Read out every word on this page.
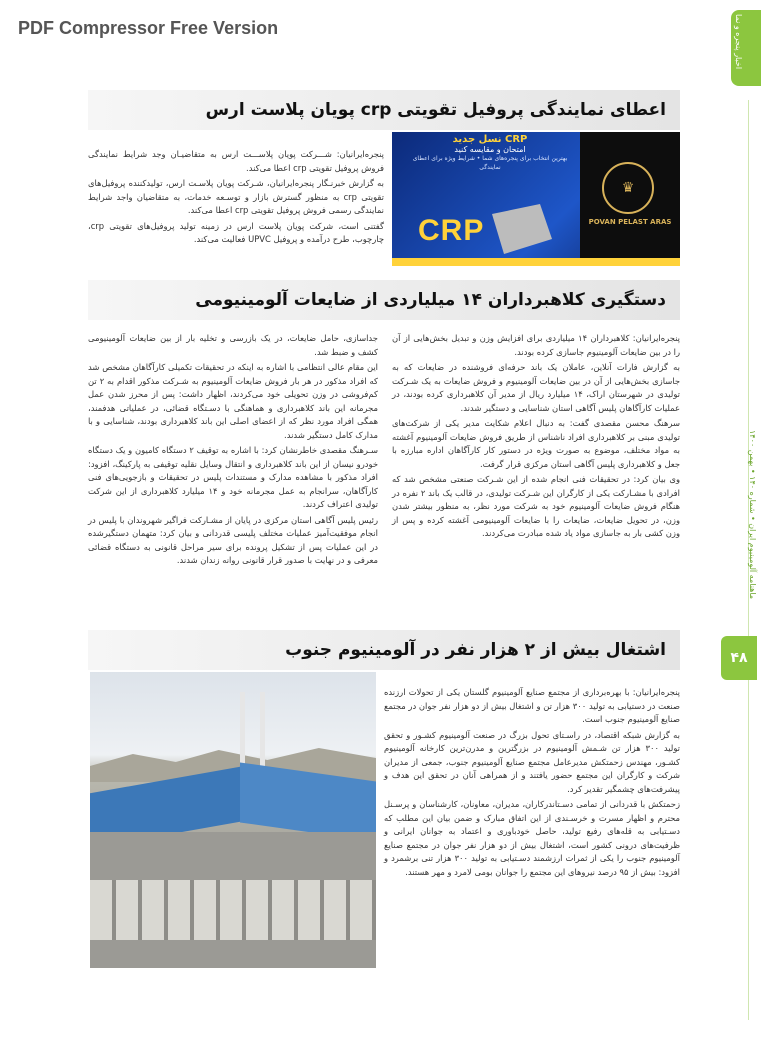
PDF Compressor Free Version	اخبار پنجره و نما
ماهنامه آلومینیوم ایران • شماره ۱۴۰ • بهمن ۱۴۰۰
۴۸
اعطای نمایندگی پروفیل تقویتی crp پویان پلاست ارس
♛
POVAN PELAST ARAS
نسل جدید CRP
امتحان و مقایسه کنید
بهترین انتخاب برای پنجره‌های شما • شرایط ویژه برای اعطای نمایندگی
CRP

پنجره‌ایرانیان: شـــرکت پویان پلاســـت ارس به متقاضیـان وجد شرایط نمایندگی فروش پروفیل تقویتی crp اعطا می‌کند.

به گزارش خبرنـگار پنجره‌ایرانیان، شـرکت پویان پلاسـت ارس، تولیدکننده پروفیل‌های تقویتی crp به منظور گسترش بازار و توسـعه خدمات، به متقاضیان واجد شرایط نمایندگی رسمی فروش پروفیل تقویتی crp اعطا می‌کند.

گفتنی است، شرکت پویان پلاست ارس در زمینه تولید پروفیل‌های تقویتی crp، چارچوب، طرح درآمده و پروفیل UPVC فعالیت می‌کند.

دستگیری کلاهبرداران ۱۴ میلیاردی از ضایعات آلومینیومی

پنجره‌ایرانیان: کلاهبرداران ۱۴ میلیاردی برای افزایش وزن و تبدیل بخش‌هایی از آن را در بین ضایعات آلومینیوم جاسازی کرده بودند.

به گزارش فارات آنلاین، عاملان یک باند حرفه‌ای فروشنده در ضایعات که به جاسازی بخش‌هایی از آن در بین ضایعات آلومینیوم و فروش ضایعات به یک شـرکت تولیدی در شهرستان اراک، ۱۴ میلیارد ریال از مدیر آن کلاهبرداری کرده بودند، در عملیات کارآگاهان پلیس آگاهی استان شناسایی و دستگیر شدند.

سرهنگ محسن مقصدی گفت: به دنبال اعلام شکایت مدیر یکی از شرکت‌های تولیدی مبنی بر کلاهبرداری افراد ناشناس از طریق فروش ضایعات آلومینیوم آغشته به مواد مختلف، موضوع به صورت ویژه در دستور کار کارآگاهان اداره مبارزه با جعل و کلاهبرداری پلیس آگاهی استان مرکزی قرار گرفت.

وی بیان کرد: در تحقیقات فنی انجام شده از این شـرکت صنعتی مشخص شد که افرادی با مشـارکت یکی از کارگران این شـرکت تولیدی، در قالب یک باند ۲ نفره در هنگام فروش ضایعات آلومینیوم خود به شرکت مورد نظر، به منظور بیشتر شدن وزن، در تحویل ضایعات، ضایعات را با ضایعات آلومینیومی آغشته کرده و پس از وزن کشی بار به جاسازی مواد یاد شده مبادرت می‌کردند.

جداسازی، حامل ضایعات، در یک بازرسی و تخلیه بار از بین ضایعات آلومینیومی کشف و ضبط شد.

این مقام عالی انتظامی با اشاره به اینکه در تحقیقات تکمیلی کارآگاهان مشخص شد که افراد مذکور در هر بار فروش ضایعات آلومینیوم به شـرکت مذکور اقدام به ۲ تن کم‌فروشی در وزن تحویلی خود می‌کردند، اظهار داشت: پس از محرز شدن عمل مجرمانه این باند کلاهبرداری و هماهنگی با دسـتگاه قضائی، در عملیاتی هدفمند، همگی افراد مورد نظر که از اعضای اصلی این باند کلاهبرداری بودند، شناسایی و با مدارک کامل دستگیر شدند.

سـرهنگ مقصدی خاطرنشان کرد: با اشاره به توقیف ۲ دستگاه کامیون و یک دستگاه خودرو نیسان از این باند کلاهبرداری و انتقال وسایل نقلیه توقیفی به پارکینگ، افزود: افراد مذکور با مشاهده مدارک و مستندات پلیس در تحقیقات و بازجویی‌های فنی کارآگاهان، سرانجام به عمل مجرمانه خود و ۱۴ میلیارد کلاهبرداری از این شرکت تولیدی اعتراف کردند.

رئیس پلیس آگاهی استان مرکزی در پایان از مشـارکت فراگیر شهروندان با پلیس در انجام موفقیت‌آمیز عملیات مختلف پلیسی قدردانی و بیان کرد: متهمان دستگیرشده در این عملیات پس از تشکیل پرونده برای سیر مراحل قانونی به دستگاه قضائی معرفی و در نهایت با صدور قرار قانونی روانه زندان شدند.

اشتغال بیش از ۲ هزار نفر در آلومینیوم جنوب

پنجره‌ایرانیان: با بهره‌برداری از مجتمع صنایع آلومینیوم گلستان یکی از تحولات ارزنده صنعت در دستیابی به تولید ۳۰۰ هزار تن و اشتغال بیش از دو هزار نفر جوان در مجتمع صنایع آلومینیوم جنوب است.

به گزارش شبکه اقتصاد، در راسـتای تحول بزرگ در صنعت آلومینیوم کشـور و تحقق تولید ۳۰۰ هزار تن شـمش آلومینیوم در بزرگترین و مدرن‌ترین کارخانه آلومینیوم کشـور، مهندس زحمتکش مدیرعامل مجتمع صنایع آلومینیوم جنوب، جمعی از مدیران شرکت و کارگران این مجتمع حضور یافتند و از همراهی آنان در تحقق این هدف و پیشرفت‌های چشمگیر تقدیر کرد.

زحمتکش با قدردانی از تمامی دسـتاندرکاران، مدیران، معاونان، کارشناسان و پرسـنل محترم و اظهار مسرت و خرسـندی از این اتفاق مبارک و ضمن بیان این مطلب که دسـتیابی به قله‌های رفیع تولید، حاصل خودباوری و اعتماد به جوانان ایرانی و ظرفیت‌های درونی کشور است، اشتغال بیش از دو هزار نفر جوان در مجتمع صنایع آلومینیوم جنوب را یکی از ثمرات ارزشمند دسـتیابی به تولید ۳۰۰ هزار تنی برشمرد و افزود: بیش از ۹۵ درصد نیروهای این مجتمع را جوانان بومی لامرد و مهر هستند.
